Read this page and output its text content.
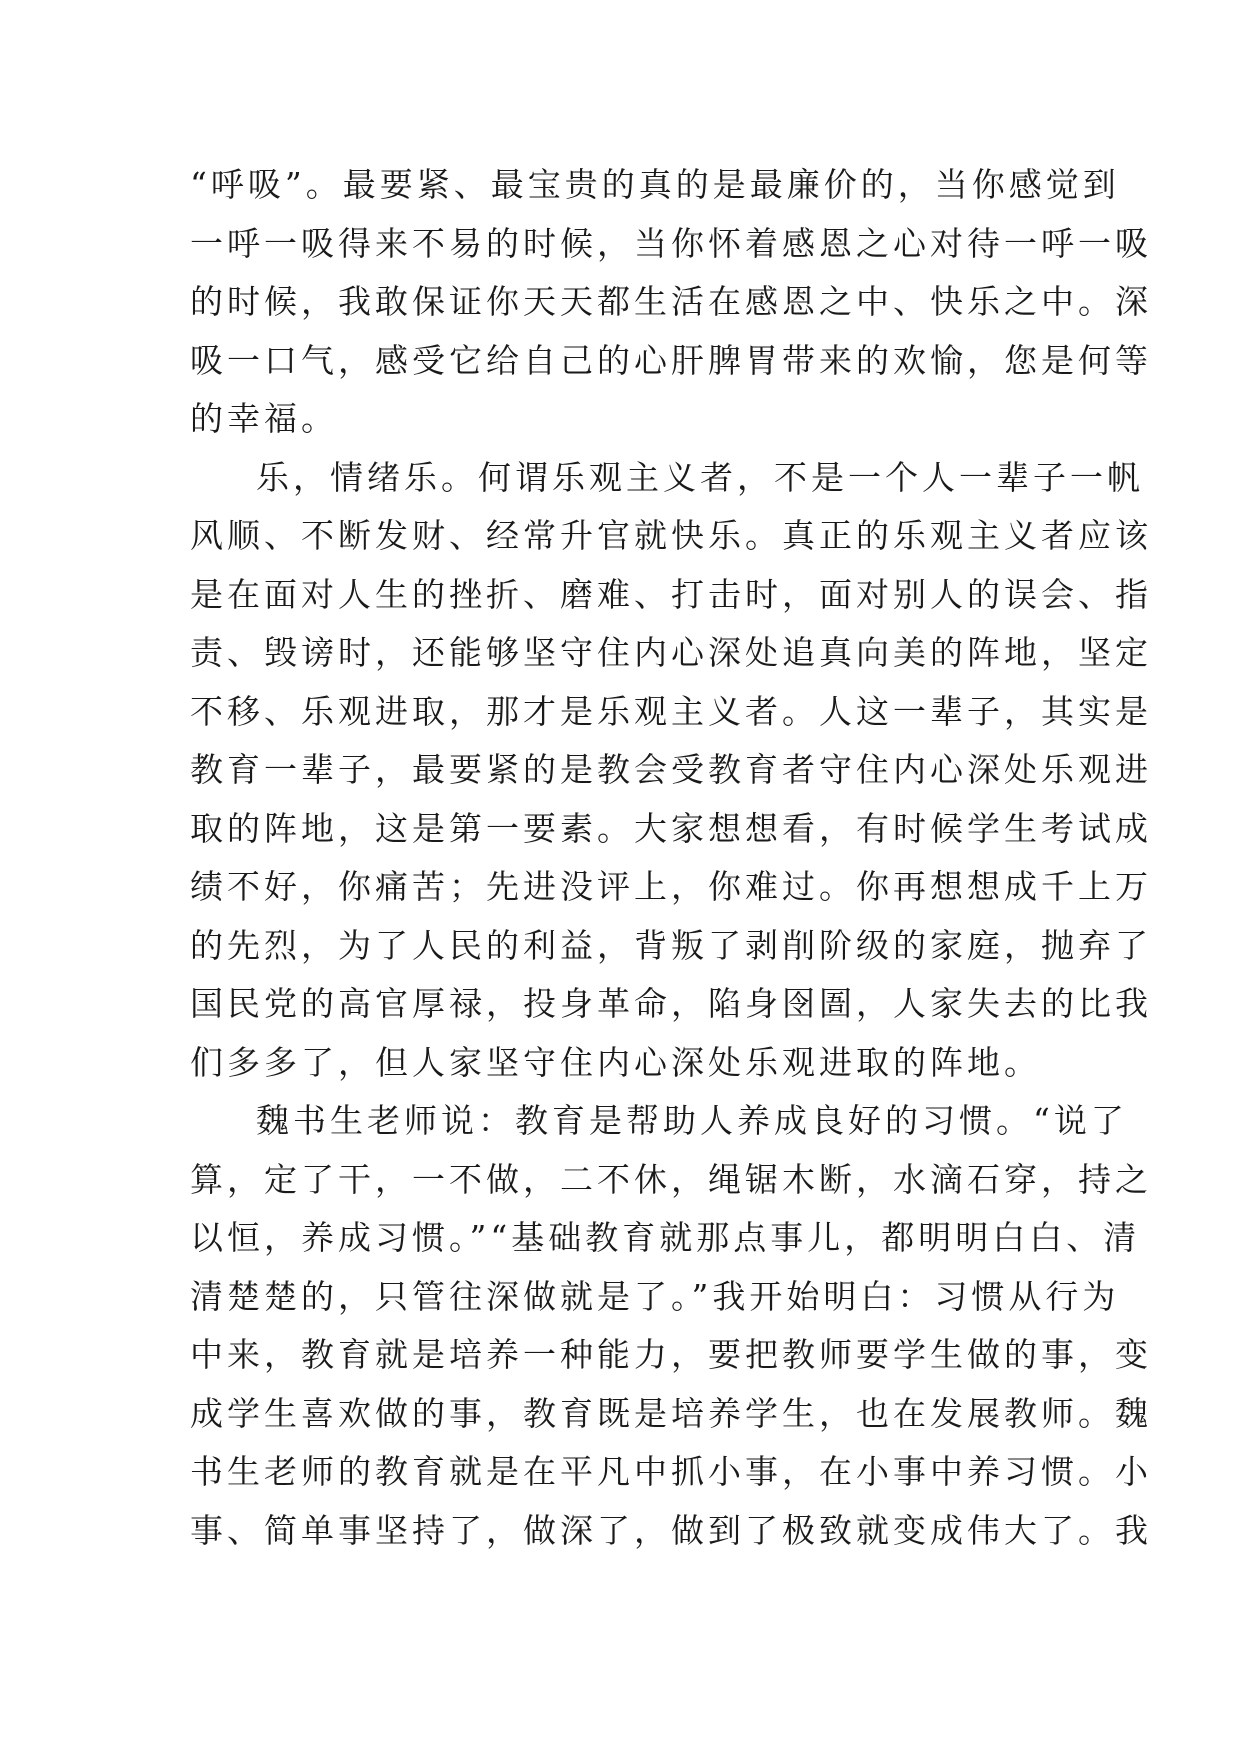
“呼吸”。最要紧、最宝贵的真的是最廉价的，当你感觉到
一呼一吸得来不易的时候，当你怀着感恩之心对待一呼一吸
的时候，我敢保证你天天都生活在感恩之中、快乐之中。深
吸一口气，感受它给自己的心肝脾胃带来的欢愉，您是何等
的幸福。
乐，情绪乐。何谓乐观主义者，不是一个人一辈子一帆
风顺、不断发财、经常升官就快乐。真正的乐观主义者应该
是在面对人生的挫折、磨难、打击时，面对别人的误会、指
责、毁谤时，还能够坚守住内心深处追真向美的阵地，坚定
不移、乐观进取，那才是乐观主义者。人这一辈子，其实是
教育一辈子，最要紧的是教会受教育者守住内心深处乐观进
取的阵地，这是第一要素。大家想想看，有时候学生考试成
绩不好，你痛苦；先进没评上，你难过。你再想想成千上万
的先烈，为了人民的利益，背叛了剥削阶级的家庭，抛弃了
国民党的高官厚禄，投身革命，陷身囹圄，人家失去的比我
们多多了，但人家坚守住内心深处乐观进取的阵地。
魏书生老师说：教育是帮助人养成良好的习惯。“说了
算，定了干，一不做，二不休，绳锯木断，水滴石穿，持之
以恒，养成习惯。”“基础教育就那点事儿，都明明白白、清
清楚楚的，只管往深做就是了。”我开始明白：习惯从行为
中来，教育就是培养一种能力，要把教师要学生做的事，变
成学生喜欢做的事，教育既是培养学生，也在发展教师。魏
书生老师的教育就是在平凡中抓小事，在小事中养习惯。小
事、简单事坚持了，做深了，做到了极致就变成伟大了。我
